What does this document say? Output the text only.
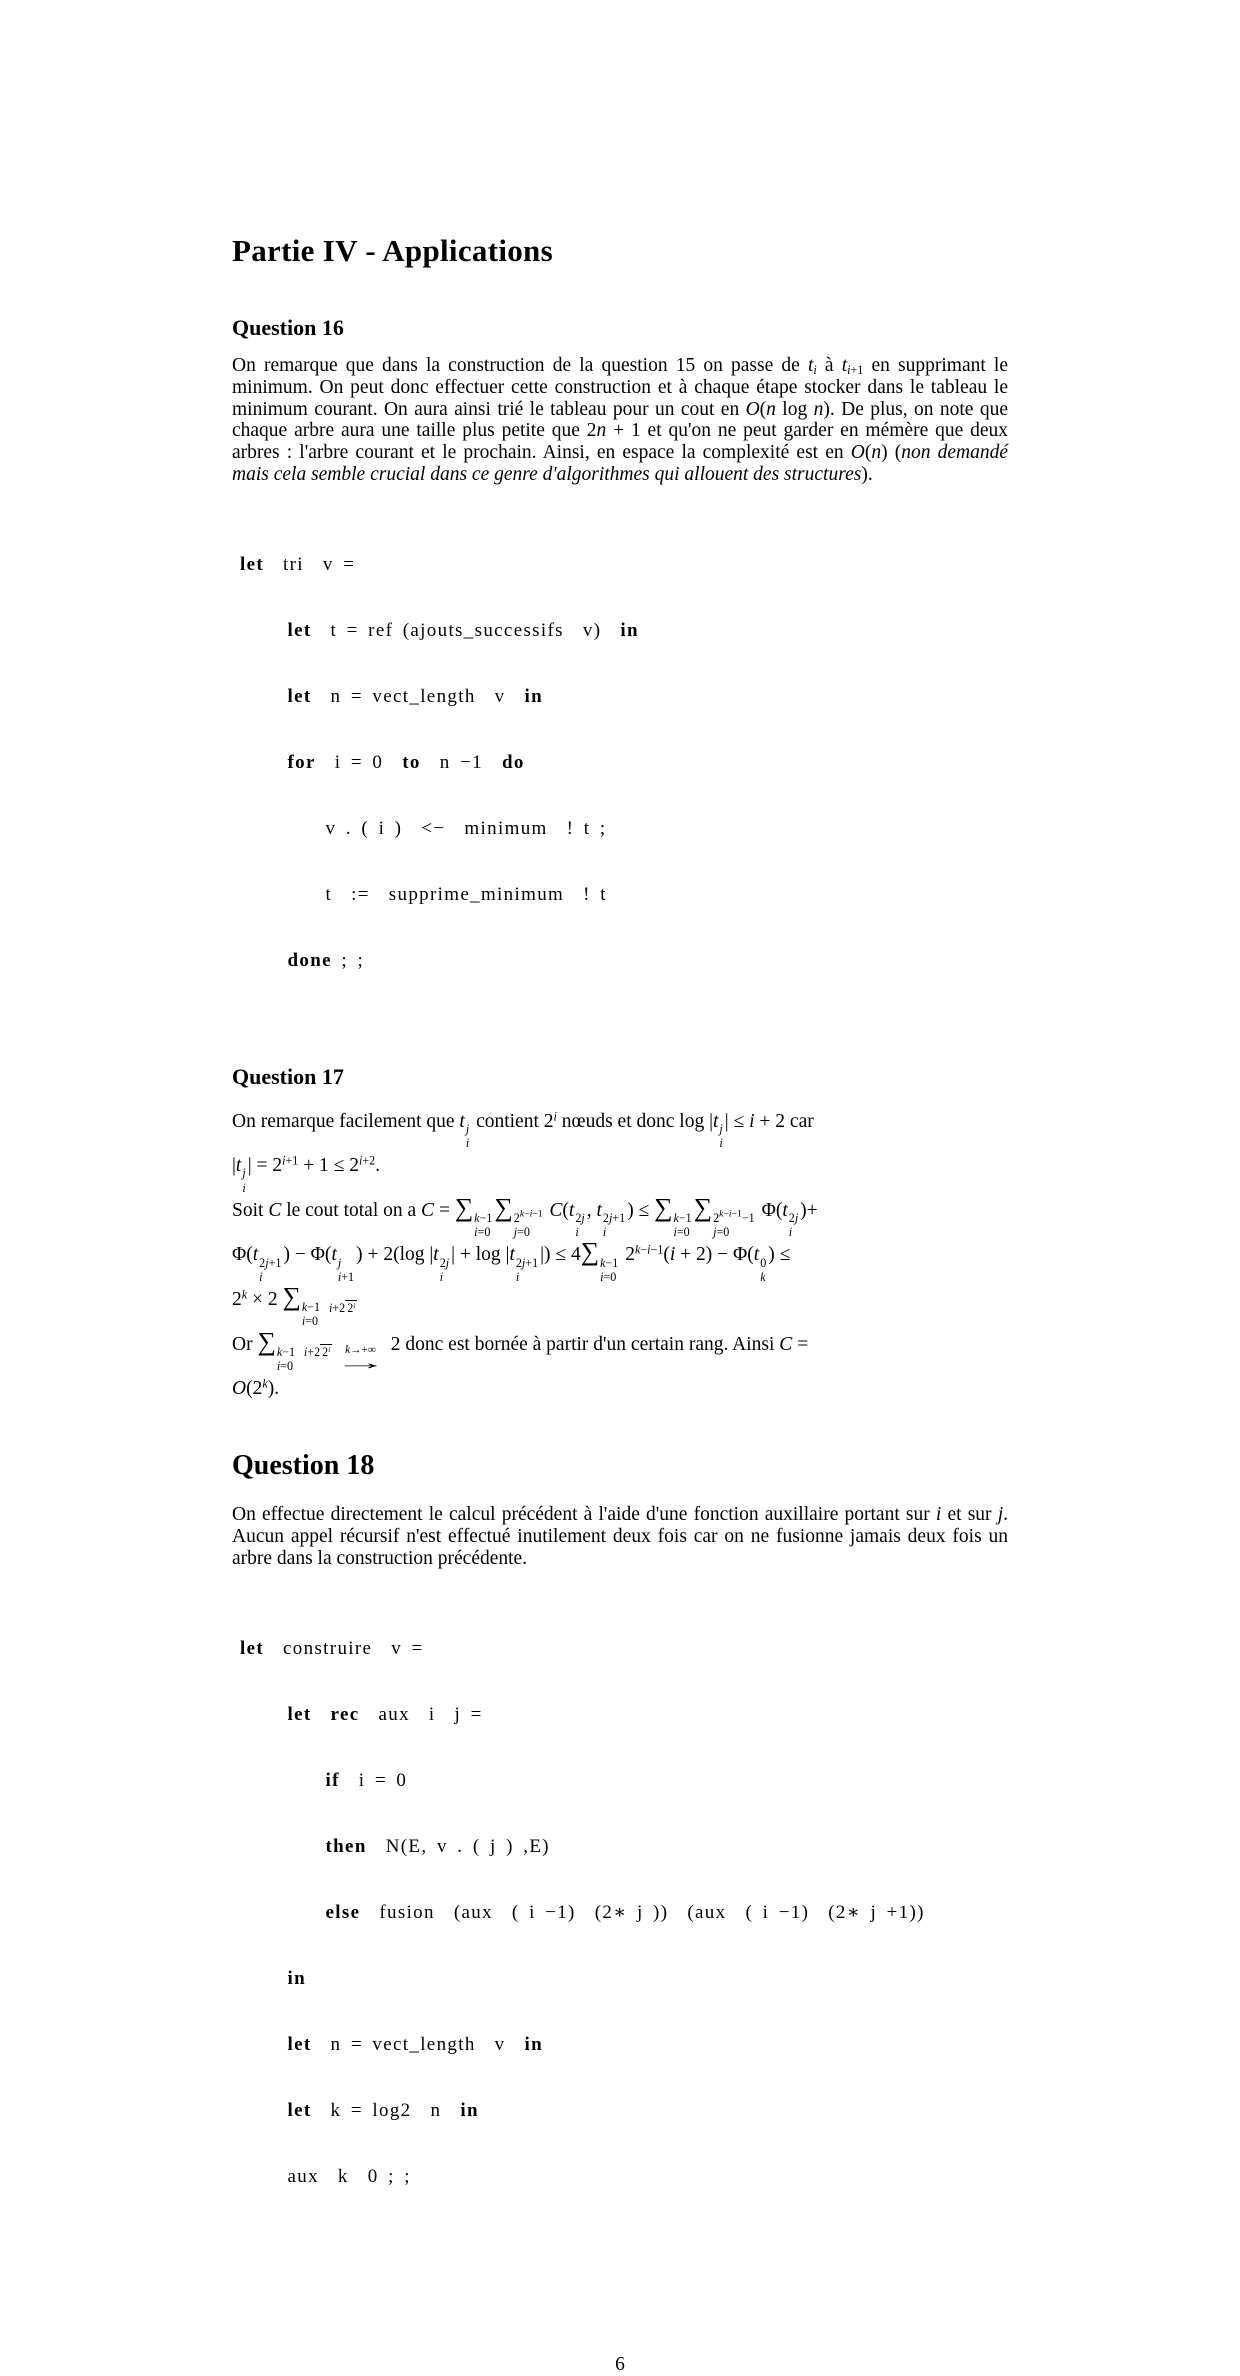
Partie IV - Applications
Question 16

On remarque que dans la construction de la question 15 on passe de $t_i$ à $t_{i+1}$ en supprimant le minimum. On peut donc effectuer cette construction et à chaque étape stocker dans le tableau le minimum courant. On aura ainsi trié le tableau pour un cout en O(n log n). De plus, on note que chaque arbre aura une taille plus petite que 2n + 1 et qu'on ne peut garder en mémère que deux arbres : l'arbre courant et le prochain. Ainsi, en espace la complexité est en O(n) (non demandé mais cela semble crucial dans ce genre d'algorithmes qui allouent des structures).

let  tri  v =

let  t = ref (ajouts_successifs  v)  in

let  n = vect_length  v  in

for  i = 0  to  n −1  do

v . ( i )  <−  minimum  ! t ;

t  :=  supprime_minimum  ! t

done ; ;

Question 17
On remarque facilement que t j
i
contient 2$^i$ nœuds et donc log |t j
i
| ≤ i + 2 car
|t j
i
| = $2^{i+1} + 1 \le 2^{i+2}$.
Soit C le cout total on a C = ∑ k−1
i=0
∑ $2^{k-i-1}$
j=0
C(t 2j
i
, t 2j+1
i
) ≤ ∑ k−1
i=0
∑ $2^{k-i-1}-1$
j=0
Φ(t 2j
i
)+
Φ(t 2j+1
i
) − Φ(t j
i+1
) + 2(log |t 2j
i
| + log |t 2j+1
i
|) ≤ 4∑ k−1
i=0
$2^{k-i-1}(i + 2) - \Phi(t$ 0
k
) ≤
$2^k \times 2$ ∑ k−1
i=0
i+2 2$^i$
Or ∑ k−1
i=0
i+2 2$^i$ k→+∞
→
2 donc est bornée à partir d'un certain rang. Ainsi C =
$O(2^k)$.
Question 18

On effectue directement le calcul précédent à l'aide d'une fonction auxillaire portant sur i et sur j. Aucun appel récursif n'est effectué inutilement deux fois car on ne fusionne jamais deux fois un arbre dans la construction précédente.

let  construire  v =

let rec  aux  i  j =

if  i = 0

then  N(E, v . ( j ) ,E)

else  fusion  (aux  ( i −1)  (2∗ j ))  (aux  ( i −1)  (2∗ j +1))

in

let  n = vect_length  v  in

let  k = log2  n  in

aux  k  0 ; ;

6
